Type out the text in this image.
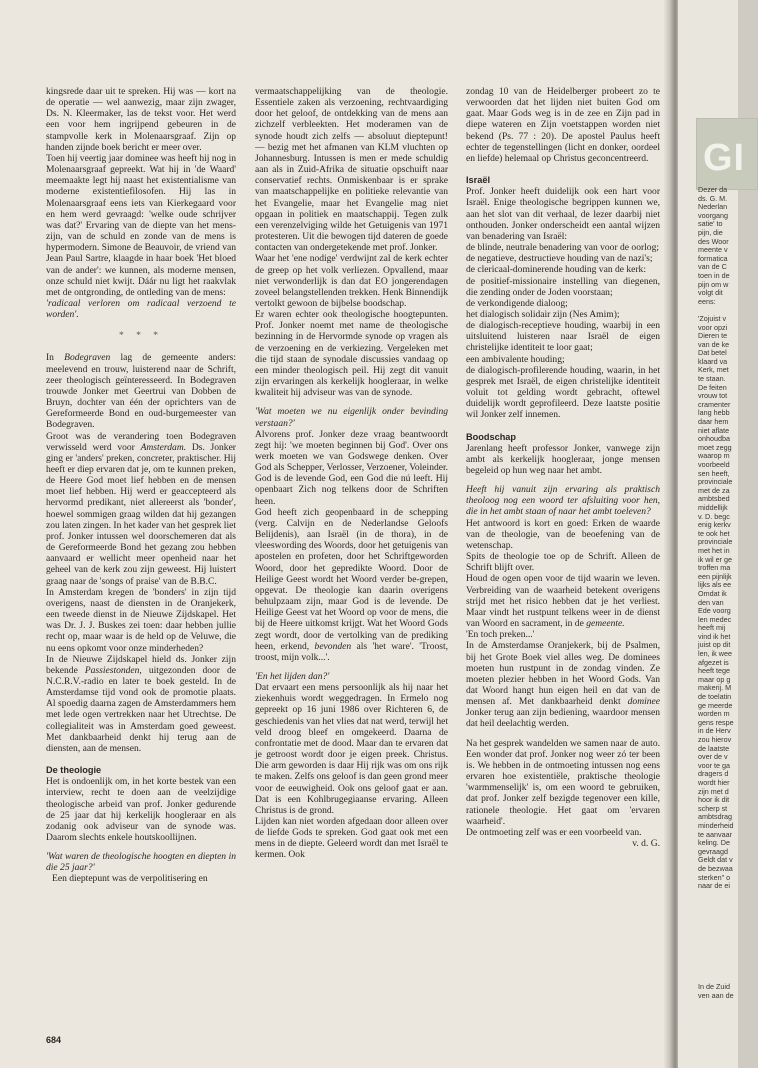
kingsrede daar uit te spreken. Hij was — kort na de operatie — wel aanwezig, maar zijn zwager, Ds. N. Kleermaker, las de tekst voor. Het werd een voor hem ingrijpend gebeuren in de stampvolle kerk in Molenaarsgraaf. Zijn op handen zijnde boek bericht er meer over.

Toen hij veertig jaar dominee was heeft hij nog in Molenaarsgraaf gepreekt. Wat hij in 'de Waard' meemaakte legt hij naast het existentialisme van moderne existentiefilosofen. Hij las in Molenaarsgraaf eens iets van Kierkegaard voor en hem werd gevraagd: 'welke oude schrijver was dat?' Ervaring van de diepte van het mens-zijn, van de schuld en zonde van de mens is hypermodern. Simone de Beauvoir, de vriend van Jean Paul Sartre, klaagde in haar boek 'Het bloed van de ander': we kunnen, als moderne mensen, onze schuld niet kwijt. Dáár nu ligt het raakvlak met de ontgronding, de ontleding van de mens:

'radicaal verloren om radicaal verzoend te worden'.

* * *

In Bodegraven lag de gemeente anders: meelevend en trouw, luisterend naar de Schrift, zeer theologisch geïnteresseerd. In Bodegraven trouwde Jonker met Geertrui van Dobben de Bruyn, dochter van één der oprichters van de Gereformeerde Bond en oud-burgemeester van Bodegraven.

Groot was de verandering toen Bodegraven verwisseld werd voor Amsterdam. Ds. Jonker ging er 'anders' preken, concreter, praktischer. Hij heeft er diep ervaren dat je, om te kunnen preken, de Heere God moet lief hebben en de mensen moet lief hebben. Hij werd er geaccepteerd als hervormd predikant, niet allereerst als 'bonder', hoewel sommigen graag wilden dat hij gezangen zou laten zingen. In het kader van het gesprek liet prof. Jonker intussen wel doorschemeren dat als de Gereformeerde Bond het gezang zou hebben aanvaard er wellicht meer openheid naar het geheel van de kerk zou zijn geweest. Hij luistert graag naar de 'songs of praise' van de B.B.C.

In Amsterdam kregen de 'bonders' in zijn tijd overigens, naast de diensten in de Oranjekerk, een tweede dienst in de Nieuwe Zijdskapel. Het was Dr. J. J. Buskes zei toen: daar hebben jullie recht op, maar waar is de held op de Veluwe, die nu eens opkomt voor onze minderheden?

In de Nieuwe Zijdskapel hield ds. Jonker zijn bekende Passiestonden, uitgezonden door de N.C.R.V.-radio en later te boek gesteld. In de Amsterdamse tijd vond ook de promotie plaats. Al spoedig daarna zagen de Amsterdammers hem met lede ogen vertrekken naar het Utrechtse. De collegialiteit was in Amsterdam goed geweest. Met dankbaarheid denkt hij terug aan de diensten, aan de mensen.

De theologie

Het is ondoenlijk om, in het korte bestek van een interview, recht te doen aan de veelzijdige theologische arbeid van prof. Jonker gedurende de 25 jaar dat hij kerkelijk hoogleraar en als zodanig ook adviseur van de synode was. Daarom slechts enkele houtskoollijnen.

'Wat waren de theologische hoogten en diepten in die 25 jaar?'

Een dieptepunt was de verpolitisering en

vermaatschappelijking van de theologie. Essentiele zaken als verzoening, rechtvaardiging door het geloof, de ontdekking van de mens aan zichzelf verbleekten. Het moderamen van de synode houdt zich zelfs — absoluut dieptepunt! — bezig met het afmanen van KLM vluchten op Johannesburg. Intussen is men er mede schuldig aan als in Zuid-Afrika de situatie opschuift naar conservatief rechts. Onmiskenbaar is er sprake van maatschappelijke en politieke relevantie van het Evangelie, maar het Evangelie mag niet opgaan in politiek en maatschappij. Tegen zulk een verenzelviging wilde het Getuigenis van 1971 protesteren. Uit die bewogen tijd dateren de goede contacten van ondergetekende met prof. Jonker.

Waar het 'ene nodige' verdwijnt zal de kerk echter de greep op het volk verliezen. Opvallend, maar niet verwonderlijk is dan dat EO jongerendagen zoveel belangstellenden trekken. Henk Binnendijk vertolkt gewoon de bijbelse boodschap.

Er waren echter ook theologische hoogtepunten. Prof. Jonker noemt met name de theologische bezinning in de Hervormde synode op vragen als de verzoening en de verkiezing. Vergeleken met die tijd staan de synodale discussies vandaag op een minder theologisch peil. Hij zegt dit vanuit zijn ervaringen als kerkelijk hoogleraar, in welke kwaliteit hij adviseur was van de synode.

'Wat moeten we nu eigenlijk onder bevinding verstaan?'

Alvorens prof. Jonker deze vraag beantwoordt zegt hij: 'we moeten beginnen bij God'. Over ons werk moeten we van Godswege denken. Over God als Schepper, Verlosser, Verzoener, Voleinder. God is de levende God, een God die nú leeft. Hij openbaart Zich nog telkens door de Schriften heen.

God heeft zich geopenbaard in de schepping (verg. Calvijn en de Nederlandse Geloofs Belijdenis), aan Israël (in de thora), in de vleeswording des Woords, door het getuigenis van apostelen en profeten, door het Schriftgeworden Woord, door het gepredikte Woord. Door de Heilige Geest wordt het Woord verder be-grepen, opgevat. De theologie kan daarin overigens behulpzaam zijn, maar God is de levende. De Heilige Geest vat het Woord op voor de mens, die bij de Heere uitkomst krijgt. Wat het Woord Gods zegt wordt, door de vertolking van de prediking heen, erkend, bevonden als 'het ware'. 'Troost, troost, mijn volk...'.

'En het lijden dan?'

Dat ervaart een mens persoonlijk als hij naar het ziekenhuis wordt weggedragen. In Ermelo nog gepreekt op 16 juni 1986 over Richteren 6, de geschiedenis van het vlies dat nat werd, terwijl het veld droog bleef en omgekeerd. Daarna de confrontatie met de dood. Maar dan te ervaren dat je getroost wordt door je eigen preek. Christus. Die arm geworden is daar Hij rijk was om ons rijk te maken. Zelfs ons geloof is dan geen grond meer voor de eeuwigheid. Ook ons geloof gaat er aan. Dat is een Kohlbrugegiaanse ervaring. Alleen Christus is de grond.

Lijden kan niet worden afgedaan door alleen over de liefde Gods te spreken. God gaat ook met een mens in de diepte. Geleerd wordt dan met Israël te kermen. Ook

zondag 10 van de Heidelberger probeert zo te verwoorden dat het lijden niet buiten God om gaat. Maar Gods weg is in de zee en Zijn pad in diepe wateren en Zijn voetstappen worden niet bekend (Ps. 77 : 20). De apostel Paulus heeft echter de tegenstellingen (licht en donker, oordeel en liefde) helemaal op Christus geconcentreerd.

Israël

Prof. Jonker heeft duidelijk ook een hart voor Israël. Enige theologische begrippen kunnen we, aan het slot van dit verhaal, de lezer daarbij niet onthouden. Jonker onderscheidt een aantal wijzen van benadering van Israël:

de blinde, neutrale benadering van voor de oorlog;

de negatieve, destructieve houding van de nazi's;

de clericaal-dominerende houding van de kerk:

de positief-missionaire instelling van diegenen, die zending onder de Joden voorstaan;

de verkondigende dialoog;

het dialogisch solidair zijn (Nes Amim);

de dialogisch-receptieve houding, waarbij in een uitsluitend luisteren naar Israël de eigen christelijke identiteit te loor gaat;

een ambivalente houding;

de dialogisch-profilerende houding, waarin, in het gesprek met Israël, de eigen christelijke identiteit voluit tot gelding wordt gebracht, oftewel duidelijk wordt geprofileerd. Deze laatste positie wil Jonker zelf innemen.

Boodschap

Jarenlang heeft professor Jonker, vanwege zijn ambt als kerkelijk hoogleraar, jonge mensen begeleid op hun weg naar het ambt.

Heeft hij vanuit zijn ervaring als praktisch theoloog nog een woord ter afsluiting voor hen, die in het ambt staan of naar het ambt toeleven?

Het antwoord is kort en goed: Erken de waarde van de theologie, van de beoefening van de wetenschap.

Spits de theologie toe op de Schrift. Alleen de Schrift blijft over.

Houd de ogen open voor de tijd waarin we leven. Verbreiding van de waarheid betekent overigens strijd met het risico hebben dat je het verliest. Maar vindt het rustpunt telkens weer in de dienst van Woord en sacrament, in de gemeente.

'En toch preken...'

In de Amsterdamse Oranjekerk, bij de Psalmen, bij het Grote Boek viel alles weg. De dominees moeten hun rustpunt in de zondag vinden. Ze moeten plezier hebben in het Woord Gods. Van dat Woord hangt hun eigen heil en dat van de mensen af. Met dankbaarheid denkt dominee Jonker terug aan zijn bediening, waardoor mensen dat heil deelachtig werden.

Na het gesprek wandelden we samen naar de auto. Een wonder dat prof. Jonker nog weer zó ter been is. We hebben in de ontmoeting intussen nog eens ervaren hoe existentiële, praktische theologie 'warmmenselijk' is, om een woord te gebruiken, dat prof. Jonker zelf bezigde tegenover een kille, rationele theologie. Het gaat om 'ervaren waarheid'.

De ontmoeting zelf was er een voorbeeld van.

v. d. G.

684
GI
Dezer da
ds. G. M.
Nederlan
voorgang
satie' to
pijn, die
des Woor
meente v
formatica
van de C
toen in de
pijn om w
volgt dit
eens:
'Zojuist v
voor opzi
Dieren te
van de ke
Dat betel
klaard va
Kerk, met
te staan.
De feiten
vrouw tot
cramenter
lang hebb
daar hem
niet aflate
onhoudba
moet zegg
waarop m
voorbeeld
sen heeft,
provinciale
met de za
ambtsbed
middellijk
v. D. begc
enig kerkv
te ook het
provinciale
met het in
ik wil er ge
troffen ma
een pijnlijk
lijks als ee
Omdat ik
den van
Ede voorg
len medec
heeft mij
vind ik het
juist op dit
len, ik wee
afgezet is
heeft tege
maar op g
makerij. M
de toelatin
ge meerde
worden m
gens respe
in de Herv
zou hierov
de laatste
over de v
voor te ga
dragers d
wordt hier
zijn met d
hoor ik dit
scherp st
ambtsdrag
minderheid
te aanvaar
keling. De
gevraagd
Geldt dat v
de bezwaa
sterken" o
naar de ei
In de Zuid
ven aan de
